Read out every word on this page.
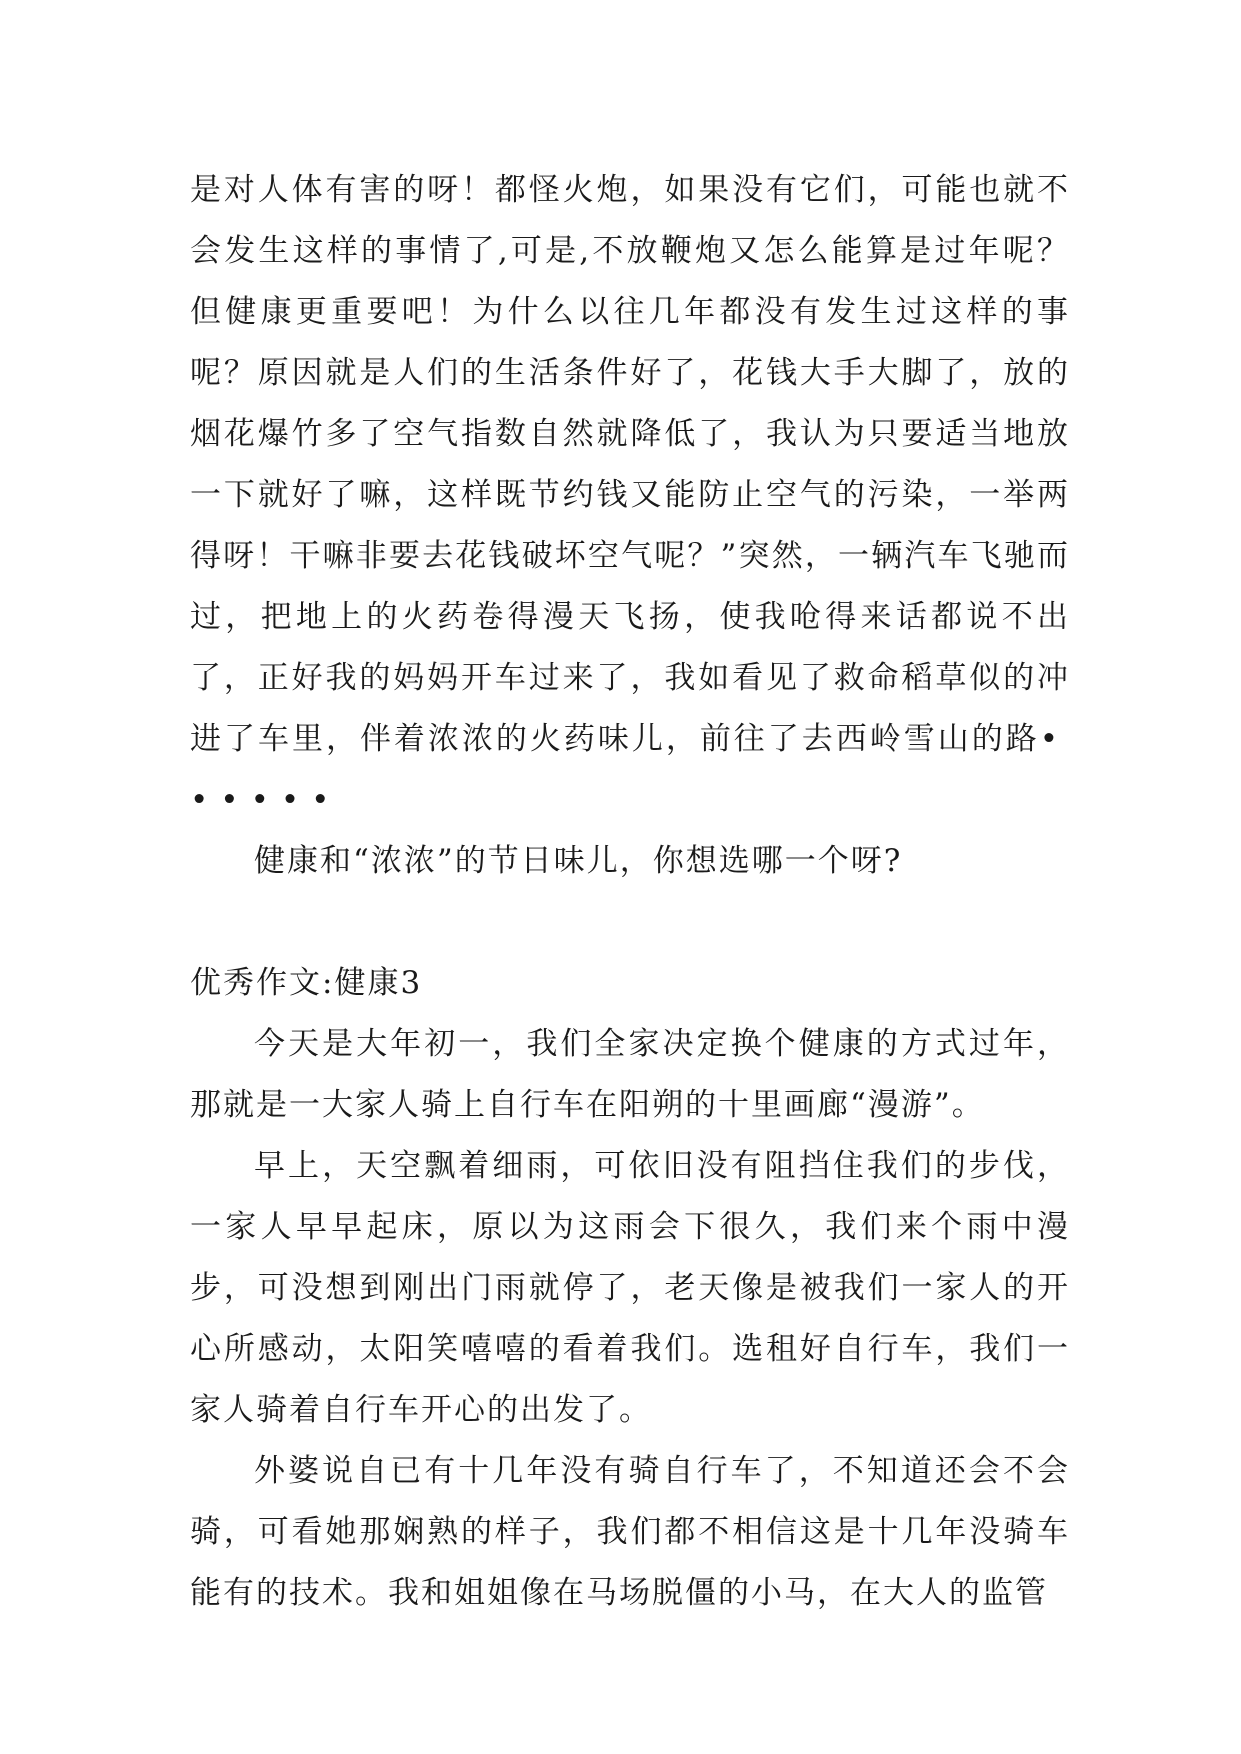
是对人体有害的呀！都怪火炮，如果没有它们，可能也就不会发生这样的事情了,可是,不放鞭炮又怎么能算是过年呢？但健康更重要吧！为什么以往几年都没有发生过这样的事呢？原因就是人们的生活条件好了，花钱大手大脚了，放的烟花爆竹多了空气指数自然就降低了，我认为只要适当地放一下就好了嘛，这样既节约钱又能防止空气的污染，一举两得呀！干嘛非要去花钱破坏空气呢？”突然，一辆汽车飞驰而过，把地上的火药卷得漫天飞扬，使我呛得来话都说不出了，正好我的妈妈开车过来了，我如看见了救命稻草似的冲进了车里，伴着浓浓的火药味儿，前往了去西岭雪山的路••••••

健康和“浓浓”的节日味儿，你想选哪一个呀?

优秀作文:健康3

今天是大年初一，我们全家决定换个健康的方式过年，那就是一大家人骑上自行车在阳朔的十里画廊“漫游”。

早上，天空飘着细雨，可依旧没有阻挡住我们的步伐，一家人早早起床，原以为这雨会下很久，我们来个雨中漫步，可没想到刚出门雨就停了，老天像是被我们一家人的开心所感动，太阳笑嘻嘻的看着我们。选租好自行车，我们一家人骑着自行车开心的出发了。

外婆说自已有十几年没有骑自行车了，不知道还会不会骑，可看她那娴熟的样子，我们都不相信这是十几年没骑车能有的技术。我和姐姐像在马场脱僵的小马，在大人的监管
